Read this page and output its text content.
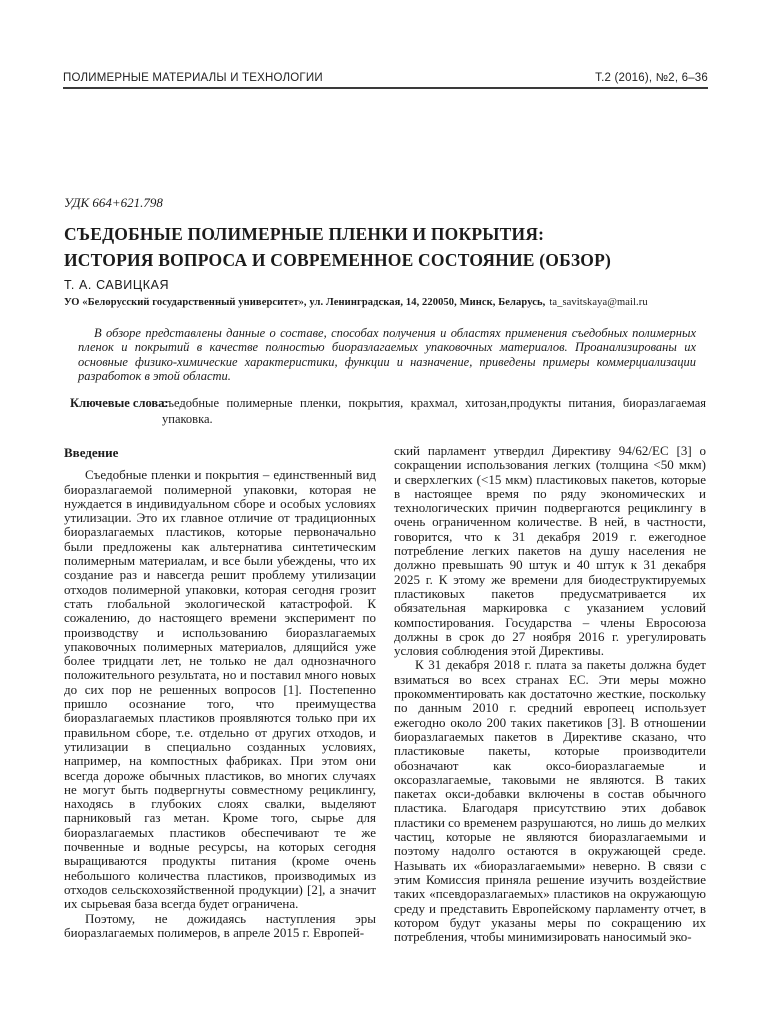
ПОЛИМЕРНЫЕ МАТЕРИАЛЫ И ТЕХНОЛОГИИ	Т.2 (2016), №2, 6–36
УДК 664+621.798
СЪЕДОБНЫЕ ПОЛИМЕРНЫЕ ПЛЕНКИ И ПОКРЫТИЯ:
ИСТОРИЯ ВОПРОСА И СОВРЕМЕННОЕ СОСТОЯНИЕ (ОБЗОР)
Т. А. САВИЦКАЯ
УО «Белорусский государственный университет», ул. Ленинградская, 14, 220050, Минск, Беларусь, ta_savitskaya@mail.ru
В обзоре представлены данные о составе, способах получения и областях применения съедобных полимерных пленок и покрытий в качестве полностью биоразлагаемых упаковочных материалов. Проанализированы их основные физико-химические характеристики, функции и назначение, приведены примеры коммерциализации разработок в этой области.
Ключевые слова:
съедобные полимерные пленки, покрытия, крахмал, хитозан,продукты питания, биоразлагаемая упаковка.
Введение

Съедобные пленки и покрытия – единственный вид биоразлагаемой полимерной упаковки, которая не нуждается в индивидуальном сборе и особых условиях утилизации. Это их главное отличие от традиционных биоразлагаемых пластиков, которые первоначально были предложены как альтернатива синтетическим полимерным материалам, и все были убеждены, что их создание раз и навсегда решит проблему утилизации отходов полимерной упаковки, которая сегодня грозит стать глобальной экологической катастрофой. К сожалению, до настоящего времени эксперимент по производству и использованию биоразлагаемых упаковочных полимерных материалов, длящийся уже более тридцати лет, не только не дал однозначного положительного результата, но и поставил много новых до сих пор не решенных вопросов [1]. Постепенно пришло осознание того, что преимущества биоразлагаемых пластиков проявляются только при их правильном сборе, т.е. отдельно от других отходов, и утилизации в специально созданных условиях, например, на компостных фабриках. При этом они всегда дороже обычных пластиков, во многих случаях не могут быть подвергнуты совместному рециклингу, находясь в глубоких слоях свалки, выделяют парниковый газ метан. Кроме того, сырье для биоразлагаемых пластиков обеспечивают те же почвенные и водные ресурсы, на которых сегодня выращиваются продукты питания (кроме очень небольшого количества пластиков, производимых из отходов сельскохозяйственной продукции) [2], а значит их сырьевая база всегда будет ограничена.

Поэтому, не дожидаясь наступления эры биоразлагаемых полимеров, в апреле 2015 г. Европей-

ский парламент утвердил Директиву 94/62/ЕС [3] о сокращении использования легких (толщина <50 мкм) и сверхлегких (<15 мкм) пластиковых пакетов, которые в настоящее время по ряду экономических и технологических причин подвергаются рециклингу в очень ограниченном количестве. В ней, в частности, говорится, что к 31 декабря 2019 г. ежегодное потребление легких пакетов на душу населения не должно превышать 90 штук и 40 штук к 31 декабря 2025 г. К этому же времени для биодеструктируемых пластиковых пакетов предусматривается их обязательная маркировка с указанием условий компостирования. Государства – члены Евросоюза должны в срок до 27 ноября 2016 г. урегулировать условия соблюдения этой Директивы.

К 31 декабря 2018 г. плата за пакеты должна будет взиматься во всех странах ЕС. Эти меры можно прокомментировать как достаточно жесткие, поскольку по данным 2010 г. средний европеец использует ежегодно около 200 таких пакетиков [3]. В отношении биоразлагаемых пакетов в Директиве сказано, что пластиковые пакеты, которые производители обозначают как оксо-биоразлагаемые и оксоразлагаемые, таковыми не являются. В таких пакетах окси-добавки включены в состав обычного пластика. Благодаря присутствию этих добавок пластики со временем разрушаются, но лишь до мелких частиц, которые не являются биоразлагаемыми и поэтому надолго остаются в окружающей среде. Называть их «биоразлагаемыми» неверно. В связи с этим Комиссия приняла решение изучить воздействие таких «псевдоразлагаемых» пластиков на окружающую среду и представить Европейскому парламенту отчет, в котором будут указаны меры по сокращению их потребления, чтобы минимизировать наносимый эко-
